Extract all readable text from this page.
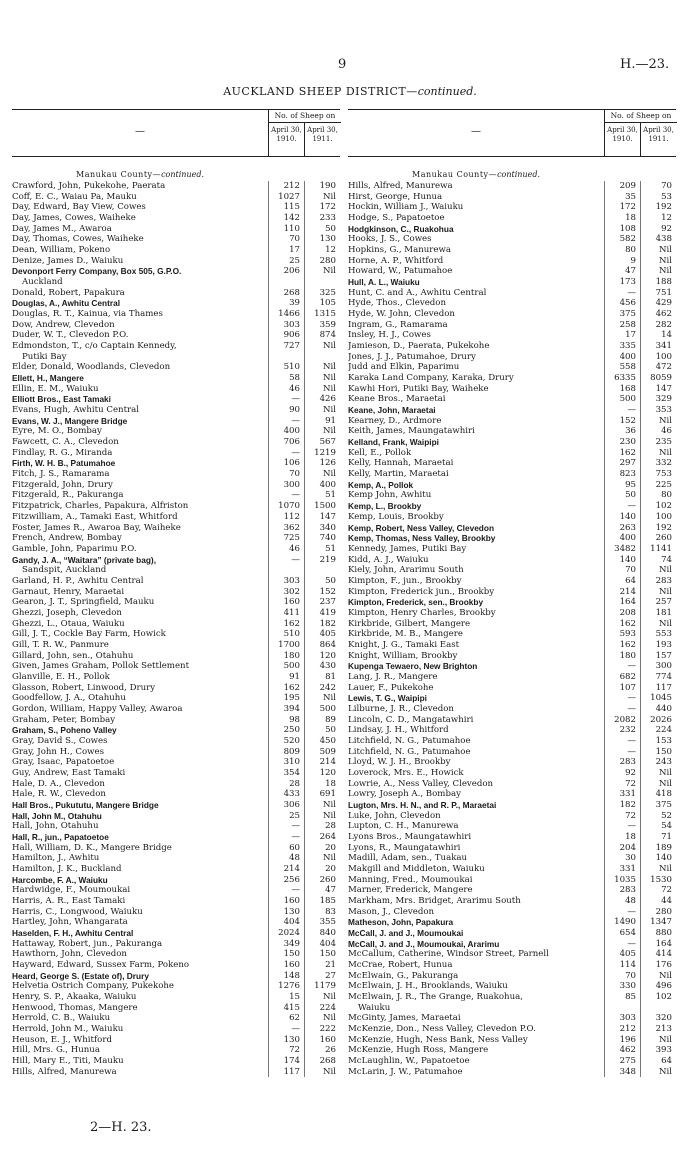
9	H.—23.
AUCKLAND SHEEP DISTRICT—continued.
—
No. of Sheep on
April 30, 1910.
April 30, 1911.
Manukau County—continued.
Crawford, John, Pukekohe, Paerata	212	190
Coff, E. C., Waiau Pa, Mauku	1027	Nil
Day, Edward, Bay View, Cowes	115	172
Day, James, Cowes, Waiheke	142	233
Day, James M., Awaroa	110	50
Day, Thomas, Cowes, Waiheke	70	130
Dean, William, Pokeno	17	12
Denize, James D., Waiuku	25	280
Devonport Ferry Company, Box 505, G.P.O.	206	Nil
Auckland
Donald, Robert, Papakura	268	325
Douglas, A., Awhitu Central	39	105
Douglas, R. T., Kainua, via Thames	1466	1315
Dow, Andrew, Clevedon	303	359
Duder, W. T., Clevedon P.O.	906	874
Edmondston, T., c/o Captain Kennedy,	727	Nil
Putiki Bay
Elder, Donald, Woodlands, Clevedon	510	Nil
Ellett, H., Mangere	58	Nil
Ellin, E. M., Waiuku	46	Nil
Elliott Bros., East Tamaki	—	426
Evans, Hugh, Awhitu Central	90	Nil
Evans, W. J., Mangere Bridge	—	91
Eyre, M. O., Bombay	400	Nil
Fawcett, C. A., Clevedon	706	567
Findlay, R. G., Miranda	—	1219
Firth, W. H. B., Patumahoe	106	126
Fitch, J. S., Ramarama	70	Nil
Fitzgerald, John, Drury	300	400
Fitzgerald, R., Pakuranga	—	51
Fitzpatrick, Charles, Papakura, Alfriston	1070	1500
Fitzwilliam, A., Tamaki East, Whitford	112	147
Foster, James R., Awaroa Bay, Waiheke	362	340
French, Andrew, Bombay	725	740
Gamble, John, Paparimu P.O.	46	51
Gandy, J. A., “Waitara” (private bag),	—	219
Sandspit, Auckland
Garland, H. P., Awhitu Central	303	50
Garnaut, Henry, Maraetai	302	152
Gearon, J. T., Springfield, Mauku	160	237
Ghezzi, Joseph, Clevedon	411	419
Ghezzi, L., Otaua, Waiuku	162	182
Gill, J. T., Cockle Bay Farm, Howick	510	405
Gill, T. R. W., Panmure	1700	864
Gillard, John, sen., Otahuhu	180	120
Given, James Graham, Pollok Settlement	500	430
Glanville, E. H., Pollok	91	81
Glasson, Robert, Linwood, Drury	162	242
Goodfellow, J. A., Otahuhu	195	Nil
Gordon, William, Happy Valley, Awaroa	394	500
Graham, Peter, Bombay	98	89
Graham, S., Poheno Valley	250	50
Gray, David S., Cowes	520	450
Gray, John H., Cowes	809	509
Gray, Isaac, Papatoetoe	310	214
Guy, Andrew, East Tamaki	354	120
Hale, D. A., Clevedon	28	18
Hale, R. W., Clevedon	433	691
Hall Bros., Pukututu, Mangere Bridge	306	Nil
Hall, John M., Otahuhu	25	Nil
Hall, John, Otahuhu	—	28
Hall, R., jun., Papatoetoe	—	264
Hall, William, D. K., Mangere Bridge	60	20
Hamilton, J., Awhitu	48	Nil
Hamilton, J. K., Buckland	214	20
Harcombe, F. A., Waiuku	256	260
Hardwidge, F., Moumoukai	—	47
Harris, A. R., East Tamaki	160	185
Harris, C., Longwood, Waiuku	130	83
Hartley, John, Whangarata	404	355
Haselden, F. H., Awhitu Central	2024	840
Hattaway, Robert, jun., Pakuranga	349	404
Hawthorn, John, Clevedon	150	150
Hayward, Edward, Sussex Farm, Pokeno	160	21
Heard, George S. (Estate of), Drury	148	27
Helvetia Ostrich Company, Pukekohe	1276	1179
Henry, S. P., Akaaka, Waiuku	15	Nil
Henwood, Thomas, Mangere	415	224
Herrold, C. B., Waiuku	62	Nil
Herrold, John M., Waiuku	—	222
Heuson, E. J., Whitford	130	160
Hill, Mrs. G., Hunua	72	26
Hill, Mary E., Titi, Mauku	174	268
Hills, Alfred, Manurewa	117	Nil
—
No. of Sheep on
April 30, 1910.
April 30, 1911.
Manukau County—continued.
Hills, Alfred, Manurewa	209	70
Hirst, George, Hunua	35	53
Hockin, William J., Waiuku	172	192
Hodge, S., Papatoetoe	18	12
Hodgkinson, C., Ruakohua	108	92
Hooks, J. S., Cowes	582	438
Hopkins, G., Manurewa	80	Nil
Horne, A. P., Whitford	9	Nil
Howard, W., Patumahoe	47	Nil
Hull, A. L., Waiuku	173	188
Hunt, C. and A., Awhitu Central	—	751
Hyde, Thos., Clevedon	456	429
Hyde, W. John, Clevedon	375	462
Ingram, G., Ramarama	258	282
Insley, H. J., Cowes	17	14
Jamieson, D., Paerata, Pukekohe	335	341
Jones, J. J., Patumahoe, Drury	400	100
Judd and Elkin, Paparimu	558	472
Karaka Land Company, Karaka, Drury	6335	8059
Kawhi Hori, Putiki Bay, Waiheke	168	147
Keane Bros., Maraetai	500	329
Keane, John, Maraetai	—	353
Kearney, D., Ardmore	152	Nil
Keith, James, Maungatawhiri	36	46
Kelland, Frank, Waipipi	230	235
Kell, E., Pollok	162	Nil
Kelly, Hannah, Maraetai	297	332
Kelly, Martin, Maraetai	823	753
Kemp, A., Pollok	95	225
Kemp John, Awhitu	50	80
Kemp, L., Brookby	—	102
Kemp, Louis, Brookby	140	100
Kemp, Robert, Ness Valley, Clevedon	263	192
Kemp, Thomas, Ness Valley, Brookby	400	260
Kennedy, James, Putiki Bay	3482	1141
Kidd, A. J., Waiuku	140	74
Kiely, John, Ararimu South	70	Nil
Kimpton, F., jun., Brookby	64	283
Kimpton, Frederick jun., Brookby	214	Nil
Kimpton, Frederick, sen., Brookby	164	257
Kimpton, Henry Charles, Brookby	208	181
Kirkbride, Gilbert, Mangere	162	Nil
Kirkbride, M. B., Mangere	593	553
Knight, J. G., Tamaki East	162	193
Knight, William, Brookby	180	157
Kupenga Tewaero, New Brighton	—	300
Lang, J. R., Mangere	682	774
Lauer, F., Pukekohe	107	117
Lewis, T. G., Waipipi	—	1045
Lilburne, J. R., Clevedon	—	440
Lincoln, C. D., Mangatawhiri	2082	2026
Lindsay, J. H., Whitford	232	224
Litchfield, N. G., Patumahoe	—	153
Litchfield, N. G., Patumahoe	—	150
Lloyd, W. J. H., Brookby	283	243
Loverock, Mrs. E., Howick	92	Nil
Lowrie, A., Ness Valley, Clevedon	72	Nil
Lowry, Joseph A., Bombay	331	418
Lugton, Mrs. H. N., and R. P., Maraetai	182	375
Luke, John, Clevedon	72	52
Lupton, C. H., Manurewa	—	54
Lyons Bros., Maungatawhiri	18	71
Lyons, R., Maungatawhiri	204	189
Madill, Adam, sen., Tuakau	30	140
Makgill and Middleton, Waiuku	331	Nil
Manning, Fred., Moumoukai	1035	1530
Marner, Frederick, Mangere	283	72
Markham, Mrs. Bridget, Ararimu South	48	44
Mason, J., Clevedon	—	280
Matheson, John, Papakura	1490	1347
McCall, J. and J., Moumoukai	654	880
McCall, J. and J., Moumoukai, Ararimu	—	164
McCallum, Catherine, Windsor Street, Parnell	405	414
McCrae, Robert, Hunua	114	176
McElwain, G., Pakuranga	70	Nil
McElwain, J. H., Brooklands, Waiuku	330	496
McElwain, J. R., The Grange, Ruakohua,	85	102
Waiuku
McGinty, James, Maraetai	303	320
McKenzie, Don., Ness Valley, Clevedon P.O.	212	213
McKenzie, Hugh, Ness Bank, Ness Valley	196	Nil
McKenzie, Hugh Ross, Mangere	462	393
McLaughlin, W., Papatoetoe	275	64
McLarin, J. W., Patumahoe	348	Nil
2—H. 23.
